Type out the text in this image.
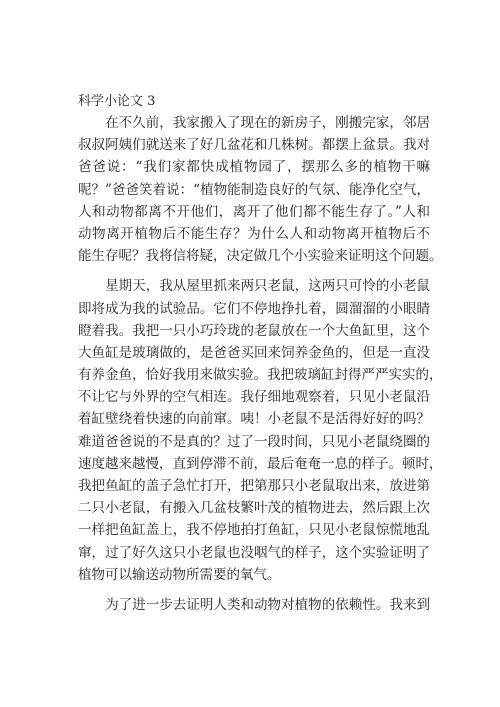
科学小论文 3
　　在不久前，我家搬入了现在的新房子，刚搬完家，邻居
叔叔阿姨们就送来了好几盆花和几株树。都摆上盆景。我对
爸爸说：“我们家都快成植物园了，摆那么多的植物干嘛
呢？”爸爸笑着说：“植物能制造良好的气氛、能净化空气，
人和动物都离不开他们，离开了他们都不能生存了。”人和
动物离开植物后不能生存？为什么人和动物离开植物后不
能生存呢？我将信将疑，决定做几个小实验来证明这个问题。
　　星期天，我从屋里抓来两只老鼠，这两只可怜的小老鼠
即将成为我的试验品。它们不停地挣扎着，圆溜溜的小眼睛
瞪着我。我把一只小巧玲珑的老鼠放在一个大鱼缸里，这个
大鱼缸是玻璃做的，是爸爸买回来饲养金鱼的，但是一直没
有养金鱼，恰好我用来做实验。我把玻璃缸封得严严实实的，
不让它与外界的空气相连。我仔细地观察着，只见小老鼠沿
着缸壁绕着快速的向前窜。咦！小老鼠不是活得好好的吗？
难道爸爸说的不是真的？过了一段时间，只见小老鼠绕圈的
速度越来越慢，直到停滞不前，最后奄奄一息的样子。顿时，
我把鱼缸的盖子急忙打开，把第那只小老鼠取出来，放进第
二只小老鼠，有搬入几盆枝繁叶茂的植物进去，然后跟上次
一样把鱼缸盖上，我不停地拍打鱼缸，只见小老鼠惊慌地乱
窜，过了好久这只小老鼠也没咽气的样子，这个实验证明了
植物可以输送动物所需要的氧气。
　　为了进一步去证明人类和动物对植物的依赖性。我来到
